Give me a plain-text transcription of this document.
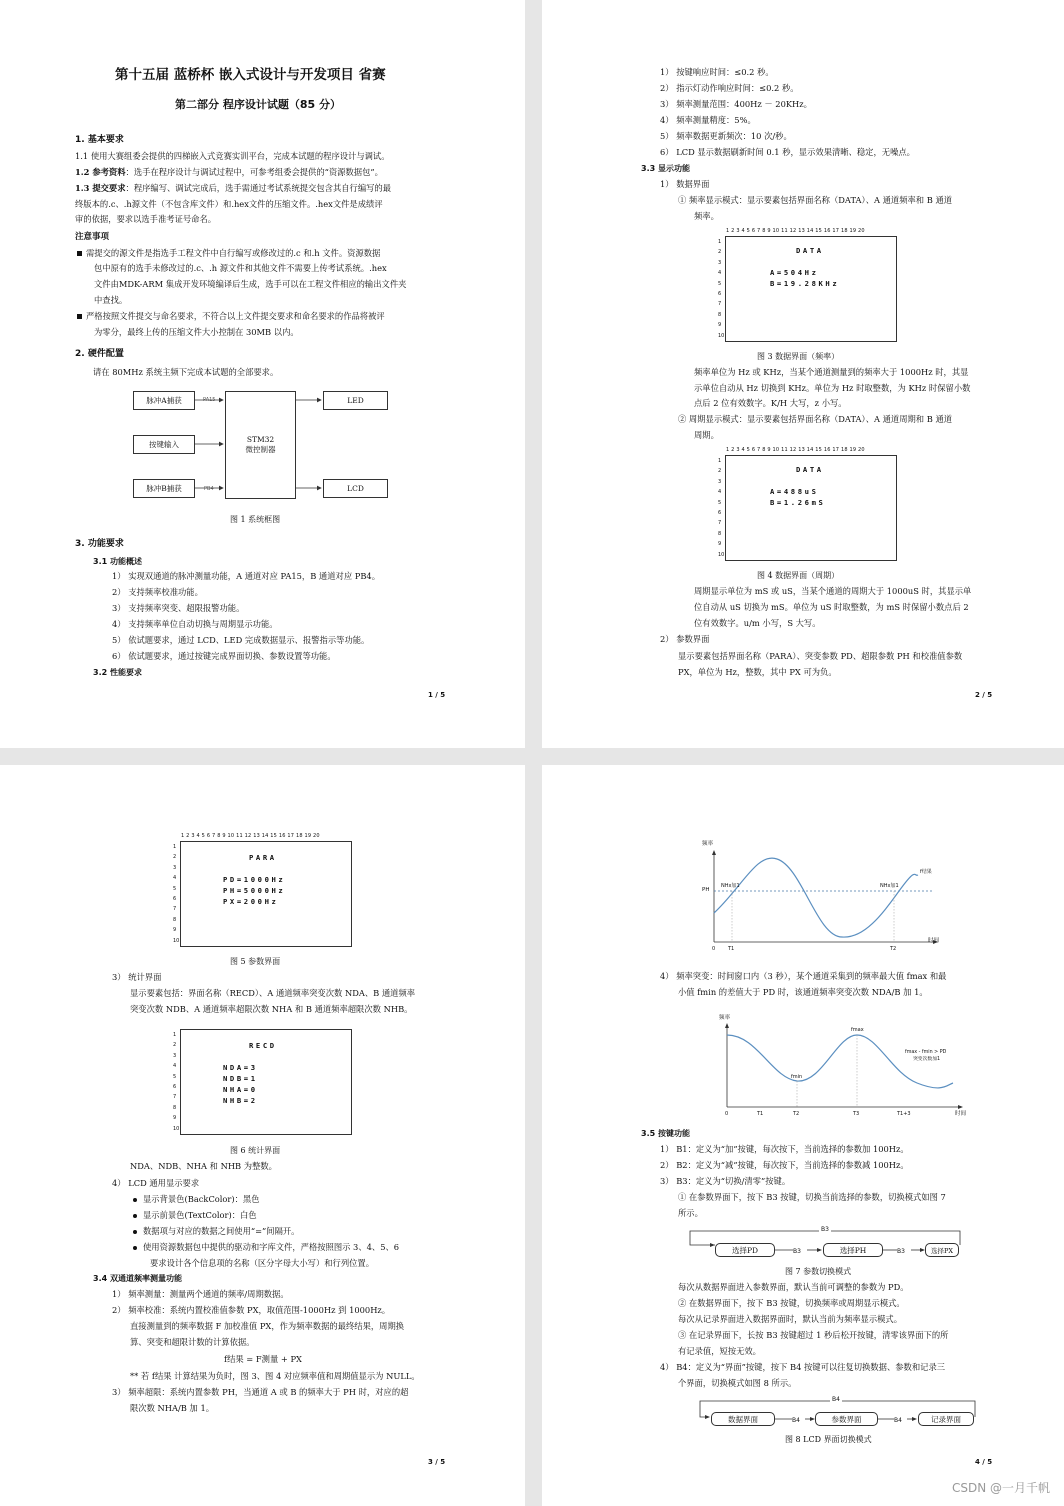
第十五届 蓝桥杯 嵌入式设计与开发项目 省赛
第二部分 程序设计试题（85 分）
1. 基本要求
1.1 使用大赛组委会提供的四梯嵌入式竞赛实训平台，完成本试题的程序设计与调试。
1.2 参考资料：选手在程序设计与调试过程中，可参考组委会提供的“资源数据包”。
1.3 提交要求：程序编写、调试完成后，选手需通过考试系统提交包含其自行编写的最
终版本的.c、.h源文件（不包含库文件）和.hex文件的压缩文件。.hex文件是成绩评
审的依据，要求以选手准考证号命名。
注意事项
需提交的源文件是指选手工程文件中自行编写或修改过的.c 和.h 文件。资源数据
包中原有的选手未修改过的.c、.h 源文件和其他文件不需要上传考试系统。.hex
文件由MDK-ARM 集成开发环境编译后生成，选手可以在工程文件相应的输出文件夹
中查找。
严格按照文件提交与命名要求，不符合以上文件提交要求和命名要求的作品将被评
为零分，最终上传的压缩文件大小控制在 30MB 以内。
2. 硬件配置
请在 80MHz 系统主频下完成本试题的全部要求。
脉冲A捕获	PA15
按键输入
脉冲B捕获	PB4
STM32
微控制器
LED
LCD
图 1 系统框图
3. 功能要求
3.1 功能概述
1） 实现双通道的脉冲测量功能，A 通道对应 PA15，B 通道对应 PB4。
2） 支持频率校准功能。
3） 支持频率突变、超限报警功能。
4） 支持频率单位自动切换与周期显示功能。
5） 依试题要求，通过 LCD、LED 完成数据显示、报警指示等功能。
6） 依试题要求，通过按键完成界面切换、参数设置等功能。
3.2 性能要求
1 / 5
1） 按键响应时间：≤0.2 秒。
2） 指示灯动作响应时间：≤0.2 秒。
3） 频率测量范围：400Hz － 20KHz。
4） 频率测量精度：5%。
5） 频率数据更新频次：10 次/秒。
6） LCD 显示数据刷新时间 0.1 秒，显示效果清晰、稳定，无噪点。
3.3 显示功能
1） 数据界面
① 频率显示模式：显示要素包括界面名称（DATA）、A 通道频率和 B 通道
频率。
1 2 3 4 5 6 7 8 9 10 11 12 13 14 15 16 17 18 19 20
1
2
3
4
5
6
7
8
9
10
DATA
A=504Hz
B=19.28KHz
图 3 数据界面（频率）
频率单位为 Hz 或 KHz，当某个通道测量到的频率大于 1000Hz 时，其显
示单位自动从 Hz 切换到 KHz。单位为 Hz 时取整数，为 KHz 时保留小数
点后 2 位有效数字。K/H 大写，z 小写。
② 周期显示模式：显示要素包括界面名称（DATA）、A 通道周期和 B 通道
周期。
1 2 3 4 5 6 7 8 9 10 11 12 13 14 15 16 17 18 19 20
1
2
3
4
5
6
7
8
9
10
DATA
A=488uS
B=1.26mS
图 4 数据界面（周期）
周期显示单位为 mS 或 uS，当某个通道的周期大于 1000uS 时，其显示单
位自动从 uS 切换为 mS。单位为 uS 时取整数，为 mS 时保留小数点后 2
位有效数字。u/m 小写，S 大写。
2） 参数界面
显示要素包括界面名称（PARA）、突变参数 PD、超限参数 PH 和校准值参数
PX，单位为 Hz，整数，其中 PX 可为负。
2 / 5
1 2 3 4 5 6 7 8 9 10 11 12 13 14 15 16 17 18 19 20
1
2
3
4
5
6
7
8
9
10
PARA
PD=1000Hz
PH=5000Hz
PX=200Hz
图 5 参数界面
3） 统计界面
显示要素包括：界面名称（RECD）、A 通道频率突变次数 NDA、B 通道频率
突变次数 NDB、A 通道频率超限次数 NHA 和 B 通道频率超限次数 NHB。
1
2
3
4
5
6
7
8
9
10
RECD
NDA=3
NDB=1
NHA=0
NHB=2
图 6 统计界面
NDA、NDB、NHA 和 NHB 为整数。
4） LCD 通用显示要求
显示背景色(BackColor)：黑色
显示前景色(TextColor)：白色
数据项与对应的数据之间使用“=”间隔开。
使用资源数据包中提供的驱动和字库文件，严格按照图示 3、4、5、6
要求设计各个信息项的名称（区分字母大小写）和行列位置。
3.4 双通道频率测量功能
1） 频率测量：测量两个通道的频率/周期数据。
2） 频率校准：系统内置校准值参数 PX，取值范围-1000Hz 到 1000Hz。
直接测量到的频率数据 F 加校准值 PX，作为频率数据的最终结果，周期换
算、突变和超限计数的计算依据。
f结果 = F测量 + PX
** 若 f结果 计算结果为负时，图 3、图 4 对应频率值和周期值显示为 NULL。
3） 频率超限：系统内置参数 PH，当通道 A 或 B 的频率大于 PH 时，对应的超
限次数 NHA/B 加 1。
3 / 5
频率
PH
NHx加1	NHx加1
f结果
0	T1	T2
时间
4） 频率突变：时间窗口内（3 秒），某个通道采集到的频率最大值 fmax 和最
小值 fmin 的差值大于 PD 时，该通道频率突变次数 NDA/B 加 1。
频率
fmax
fmin
fmax - fmin > PD
突变次数加1
0	T1	T2	T3	T1+3	时间
3.5 按键功能
1） B1：定义为“加”按键，每次按下，当前选择的参数加 100Hz。
2） B2：定义为“减”按键，每次按下，当前选择的参数减 100Hz。
3） B3：定义为“切换/清零”按键。
① 在参数界面下，按下 B3 按键，切换当前选择的参数，切换模式如图 7
所示。
B3
选择PD	B3	选择PH	B3	选择PX
图 7 参数切换模式
每次从数据界面进入参数界面，默认当前可调整的参数为 PD。
② 在数据界面下，按下 B3 按键，切换频率或周期显示模式。
每次从记录界面进入数据界面时，默认当前为频率显示模式。
③ 在记录界面下，长按 B3 按键超过 1 秒后松开按键，清零该界面下的所
有记录值，短按无效。
4） B4：定义为“界面”按键，按下 B4 按键可以往复切换数据、参数和记录三
个界面，切换模式如图 8 所示。
B4
数据界面	B4	参数界面	B4	记录界面
图 8 LCD 界面切换模式
4 / 5
CSDN @一月千帆
